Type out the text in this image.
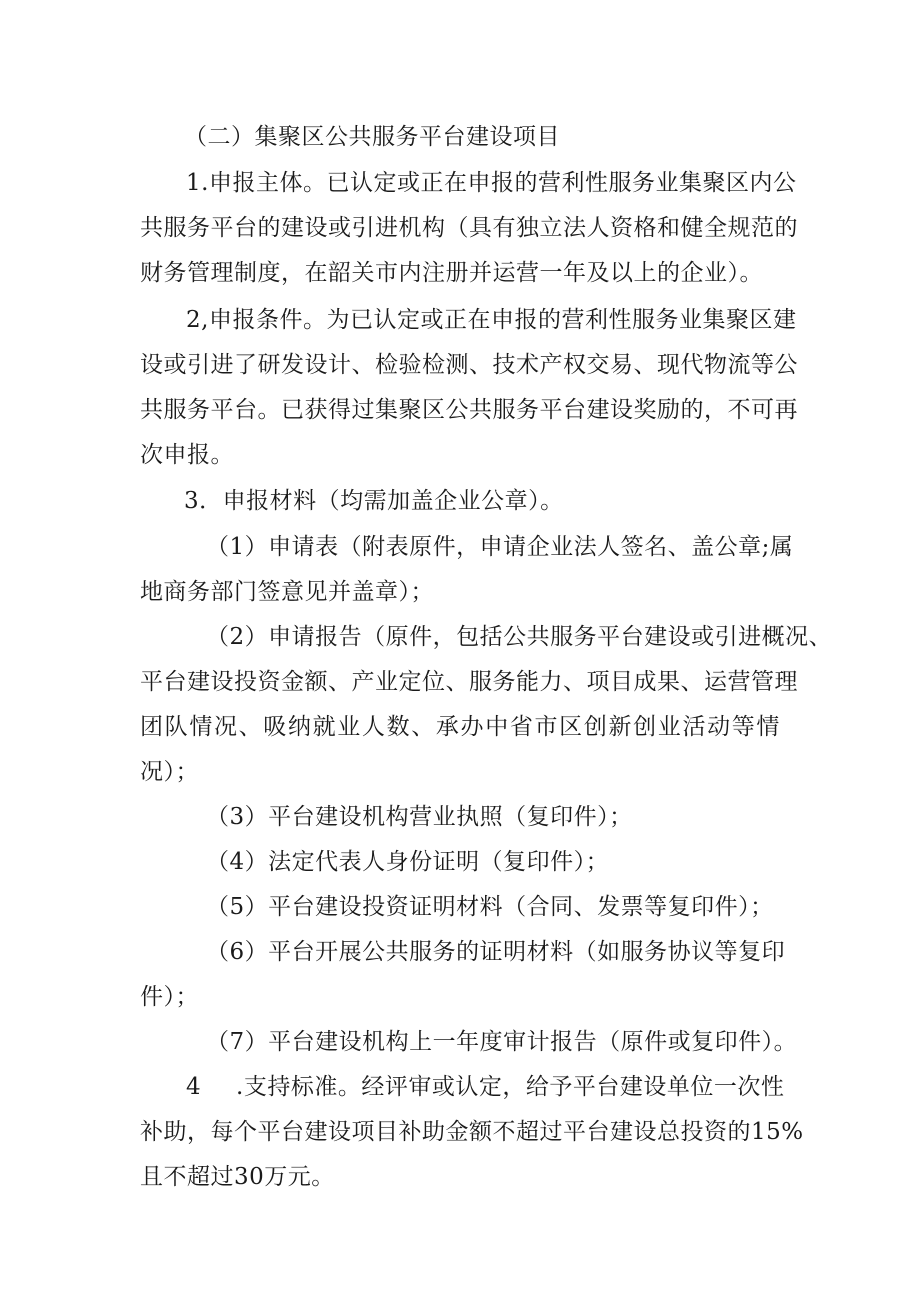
（二）集聚区公共服务平台建设项目
1. 申 报 主 体 。 已 认 定 或 正 在 申 报 的 营 利 性 服 务 业 集 聚 区 内 公
共 服 务 平 台 的 建 设 或 引 进 机 构 （ 具 有 独 立 法 人 资 格 和 健 全 规 范 的
财务管理制度，在韶关市内注册并运营一年及以上的企业）。
2, 申 报 条 件 。 为 已 认 定 或 正 在 申 报 的 营 利 性 服 务 业 集 聚 区 建
设 或 引 进 了 研 发 设 计 、 检 验 检 测 、 技 术 产 权 交 易 、 现 代 物 流 等 公
共 服 务 平 台 。 已 获 得 过 集 聚 区 公 共 服 务 平 台 建 设 奖 励 的 ， 不 可 再
次申报。
3．申报材料（均需加盖企业公章）。
（ 1 ） 申 请 表 （ 附 表 原 件 ， 申 请 企 业 法 人 签 名 、 盖 公 章 ; 属
地商务部门签意见并盖章）；
（ 2 ） 申 请 报 告 （ 原 件 ， 包 括 公 共 服 务 平 台 建 设 或 引 进 概 况 、
平 台 建 设 投 资 金 额 、 产 业 定 位 、 服 务 能 力 、 项 目 成 果 、 运 营 管 理
团 队 情 况 、 吸 纳 就 业 人 数 、 承 办 中 省 市 区 创 新 创 业 活 动 等 情
况）；
（3）平台建设机构营业执照（复印件）；
（4）法定代表人身份证明（复印件）；
（5）平台建设投资证明材料（合同、发票等复印件）；
（ 6 ） 平 台 开 展 公 共 服 务 的 证 明 材 料 （ 如 服 务 协 议 等 复 印
件）；
（7）平台建设机构上一年度审计报告（原件或复印件）。
4 . 支 持 标 准 。 经 评 审 或 认 定 ， 给 予 平 台 建 设 单 位 一 次 性
补 助 ， 每 个 平 台 建 设 项 目 补 助 金 额 不 超 过 平 台 建 设 总 投 资 的 15%
且不超过30万元。
